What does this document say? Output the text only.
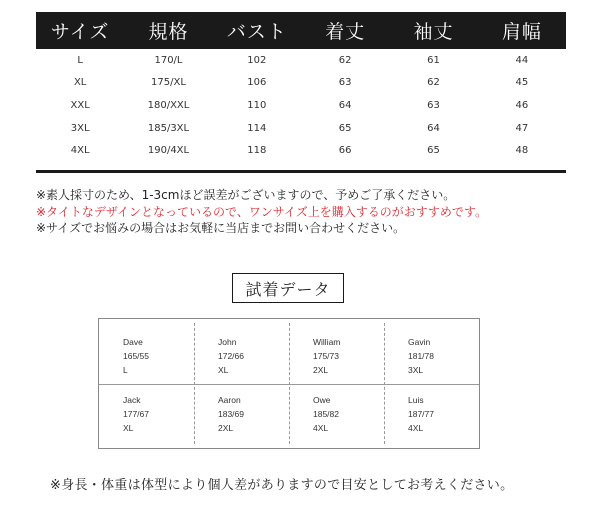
サイズ	規格	バスト	着丈	袖丈	肩幅
L	170/L	102	62	61	44
XL	175/XL	106	63	62	45
XXL	180/XXL	110	64	63	46
3XL	185/3XL	114	65	64	47
4XL	190/4XL	118	66	65	48
※素人採寸のため、1-3cmほど誤差がございますので、予めご了承ください。
※タイトなデザインとなっているので、ワンサイズ上を購入するのがおすすめです。
※サイズでお悩みの場合はお気軽に当店までお問い合わせください。
試着データ
Dave
165/55
L
John
172/66
XL
William
175/73
2XL
Gavin
181/78
3XL
Jack
177/67
XL
Aaron
183/69
2XL
Owe
185/82
4XL
Luis
187/77
4XL
※身長・体重は体型により個人差がありますので目安としてお考えください。
